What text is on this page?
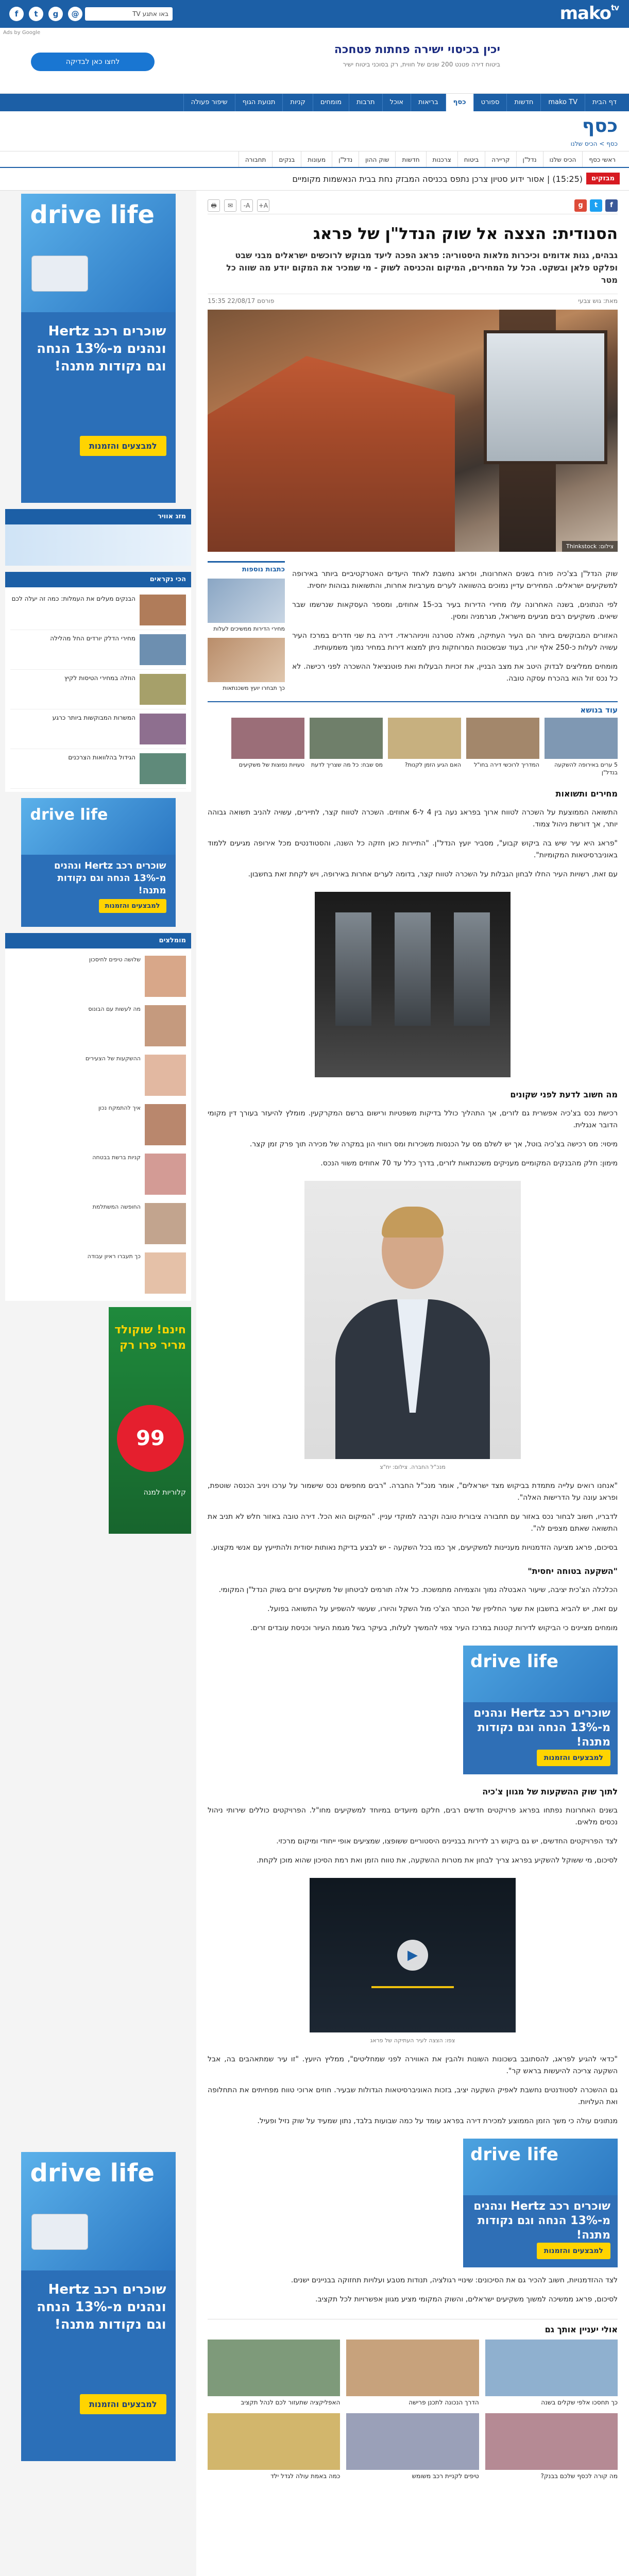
mako$^{tv}$
f	t	g	@	באו אתגע TV
Ads by Google
יכין בכיסוי ישירה פחתות פטחכה
ביטוח דירה פטנט 200 שנים של חווית, רק בסוכני ביטוח ישיר
לחצו כאן לבדיקה
דף הבית
mako TV
חדשות
ספורט
כסף
בריאות
אוכל
תרבות
מומחים
קניות
תנועת הגוף
שיפור פעולה
כסף
כסף > הכיס שלנו
ראשי כסף
הכיס שלנו
נדל"ן
קריירה
ביטוח
צרכנות
חדשות
שוק ההון
נדל"ן
מעונות
בנקים
תחבורה
מבזקים
(15:25) | אסור ידוע סטיון צרכן נתפס בכניסה המבזק נחת בבית הנאשמות מקומיים
f
t
g
A+
A-
✉
🖶
הסנודית: הצצה אל שוק הנדל"ן של פראג
גבהים, גגות אדומים וכיכרות מלאות היסטוריה: פראג הפכה ליעד מבוקש לרוכשים ישראלים מבני שבט ופלקט פלאן ובשקט. הכל על המחירים, המיקום והכניסה לשוק - מי שמכיר את המקום יודע מה שווה כל מטר
מאת: גוש צבעי
פורסם 22/08/17 15:35
צילום: Thinkstock

שוק הנדל"ן בצ'כיה פורח בשנים האחרונות, ופראג נחשבת לאחד היעדים האטרקטיביים ביותר באירופה למשקיעים ישראלים. המחירים עדיין נמוכים בהשוואה לערים מערביות אחרות, והתשואות גבוהות יחסית.

לפי הנתונים, בשנה האחרונה עלו מחירי הדירות בעיר בכ-15 אחוזים, ומספר העסקאות שנרשמו שבר שיאים. משקיעים רבים מגיעים מישראל, מגרמניה ומסין.

האזורים המבוקשים ביותר הם העיר העתיקה, מאלה סטרנה וויניוהראדי. דירה בת שני חדרים במרכז העיר עשויה לעלות כ-250 אלף יורו, בעוד שבשכונות המרוחקות ניתן למצוא דירות במחיר נמוך משמעותית.

מומחים ממליצים לבדוק היטב את מצב הבניין, את זכויות הבעלות ואת פוטנציאל ההשכרה לפני רכישה. לא כל נכס זול הוא בהכרח עסקה טובה.

כתבות נוספות
מחירי הדירות ממשיכים לעלות
כך תבחרו יועץ משכנתאות
עוד בנושא
5 ערים באירופה להשקעה בנדל"ן
המדריך לרוכשי דירה בחו"ל
האם הגיע הזמן לקנות?
מס שבח: כל מה שצריך לדעת
טעויות נפוצות של משקיעים
מחירים ותשואות

התשואה הממוצעת על השכרה לטווח ארוך בפראג נעה בין 4 ל-6 אחוזים. השכרה לטווח קצר, לתיירים, עשויה להניב תשואה גבוהה יותר, אך דורשת ניהול צמוד.

"פראג היא עיר שיש בה ביקוש קבוע", מסביר יועץ הנדל"ן. "התיירות כאן חזקה כל השנה, והסטודנטים מכל אירופה מגיעים ללמוד באוניברסיטאות המקומיות".

עם זאת, רשויות העיר החלו לבחון הגבלות על השכרה לטווח קצר, בדומה לערים אחרות באירופה, ויש לקחת זאת בחשבון.

מה חשוב לדעת לפני שקונים

רכישת נכס בצ'כיה אפשרית גם לזרים, אך התהליך כולל בדיקות משפטיות ורישום ברשם המקרקעין. מומלץ להיעזר בעורך דין מקומי הדובר אנגלית.

מיסוי: מס רכישה בצ'כיה בוטל, אך יש לשלם מס על הכנסות משכירות ומס רווחי הון במקרה של מכירה תוך פרק זמן קצר.

מימון: חלק מהבנקים המקומיים מעניקים משכנתאות לזרים, בדרך כלל עד 70 אחוזים משווי הנכס.

מנכ"ל החברה. צילום: יח"צ

"אנחנו רואים עלייה מתמדת בביקוש מצד ישראלים", אומר מנכ"ל החברה. "רבים מחפשים נכס שישמור על ערכו ויניב הכנסה שוטפת, ופראג עונה על הדרישות האלה".

לדבריו, חשוב לבחור נכס באזור עם תחבורה ציבורית טובה וקרבה למוקדי עניין. "המיקום הוא הכל. דירה טובה באזור חלש לא תניב את התשואה שאתם מצפים לה".

בסיכום, פראג מציעה הזדמנויות מעניינות למשקיעים, אך כמו בכל השקעה - יש לבצע בדיקת נאותות יסודית ולהתייעץ עם אנשי מקצוע.

"השקעה בטוחה יחסית"

הכלכלה הצ'כית יציבה, שיעור האבטלה נמוך והצמיחה מתמשכת. כל אלה תורמים לביטחון של משקיעים זרים בשוק הנדל"ן המקומי.

עם זאת, יש להביא בחשבון את שער החליפין של הכתר הצ'כי מול השקל והיורו, שעשוי להשפיע על התשואה בפועל.

מומחים מציינים כי הביקוש לדירות קטנות במרכז העיר צפוי להמשיך לעלות, בעיקר בשל מגמת העיור וכניסת עובדים זרים.

drive life
שוכרים רכב Hertz ונהנים מ-13% הנחה וגם נקודות מתנה!
למבצעים והזמנות
לתוך שוק ההשקעות של מגוון צ'כיה

בשנים האחרונות נפתחו בפראג פרויקטים חדשים רבים, חלקם מיועדים במיוחד למשקיעים מחו"ל. הפרויקטים כוללים שירותי ניהול נכסים מלאים.

לצד הפרויקטים החדשים, יש גם ביקוש רב לדירות בבניינים היסטוריים ששופצו, שמציעים אופי ייחודי ומיקום מרכזי.

לסיכום, מי ששוקל להשקיע בפראג צריך לבחון את מטרות ההשקעה, את טווח הזמן ואת רמת הסיכון שהוא מוכן לקחת.

▶
צפו: הצצה לעיר העתיקה של פראג

"כדאי להגיע לפראג, להסתובב בשכונות השונות ולהבין את האווירה לפני שמחליטים", ממליץ היועץ. "זו עיר שמתאהבים בה, אבל השקעה צריכה להיעשות בראש קר".

גם ההשכרה לסטודנטים נחשבת לאפיק השקעה יציב, בזכות האוניברסיטאות הגדולות שבעיר. חוזים ארוכי טווח מפחיתים את התחלופה ואת העלויות.

מנתונים עולה כי משך הזמן הממוצע למכירת דירה בפראג עומד על כמה שבועות בלבד, נתון שמעיד על שוק נזיל ופעיל.

drive life
שוכרים רכב Hertz ונהנים מ-13% הנחה וגם נקודות מתנה!
למבצעים והזמנות

לצד ההזדמנויות, חשוב להכיר גם את הסיכונים: שינויי רגולציה, תנודות מטבע ועלויות תחזוקה בבניינים ישנים.

לסיכום, פראג ממשיכה למשוך משקיעים ישראלים, והשוק המקומי מציע מגוון אפשרויות לכל תקציב.

אולי יעניין אותך גם
כך תחסכו אלפי שקלים בשנה
הדרך הנכונה לתכנן פרישה
האפליקציה שתעזור לכם לנהל תקציב
מה קורה לכסף שלכם בבנק?
טיפים לקניית רכב משומש
כמה באמת עולה לגדל ילד
drive life
שוכרים רכב Hertz ונהנים מ-13% הנחה וגם נקודות מתנה!
למבצעים והזמנות
מזג אוויר
הכי נקראים
הבנקים מעלים את העמלות: כמה זה יעלה לכם
מחירי הדלק יורדים החל מהלילה
הוזלה במחירי הטיסות לקיץ
המשרות המבוקשות ביותר כרגע
הגידול בהלוואות הצרכנים
drive life
שוכרים רכב Hertz ונהנים מ-13% הנחה וגם נקודות מתנה!
למבצעים והזמנות
מומלצים
שלושה טיפים לחיסכון
מה לעשות עם הבונוס
ההשקעות של הצעירים
איך להתמקח נכון
קניות ברשת בבטחה
החופשה המשתלמת
כך תעברו ראיון עבודה
חינם! שוקולד מריר פרו רק
99
קלוריות למנה
drive life
שוכרים רכב Hertz ונהנים מ-13% הנחה וגם נקודות מתנה!
למבצעים והזמנות
